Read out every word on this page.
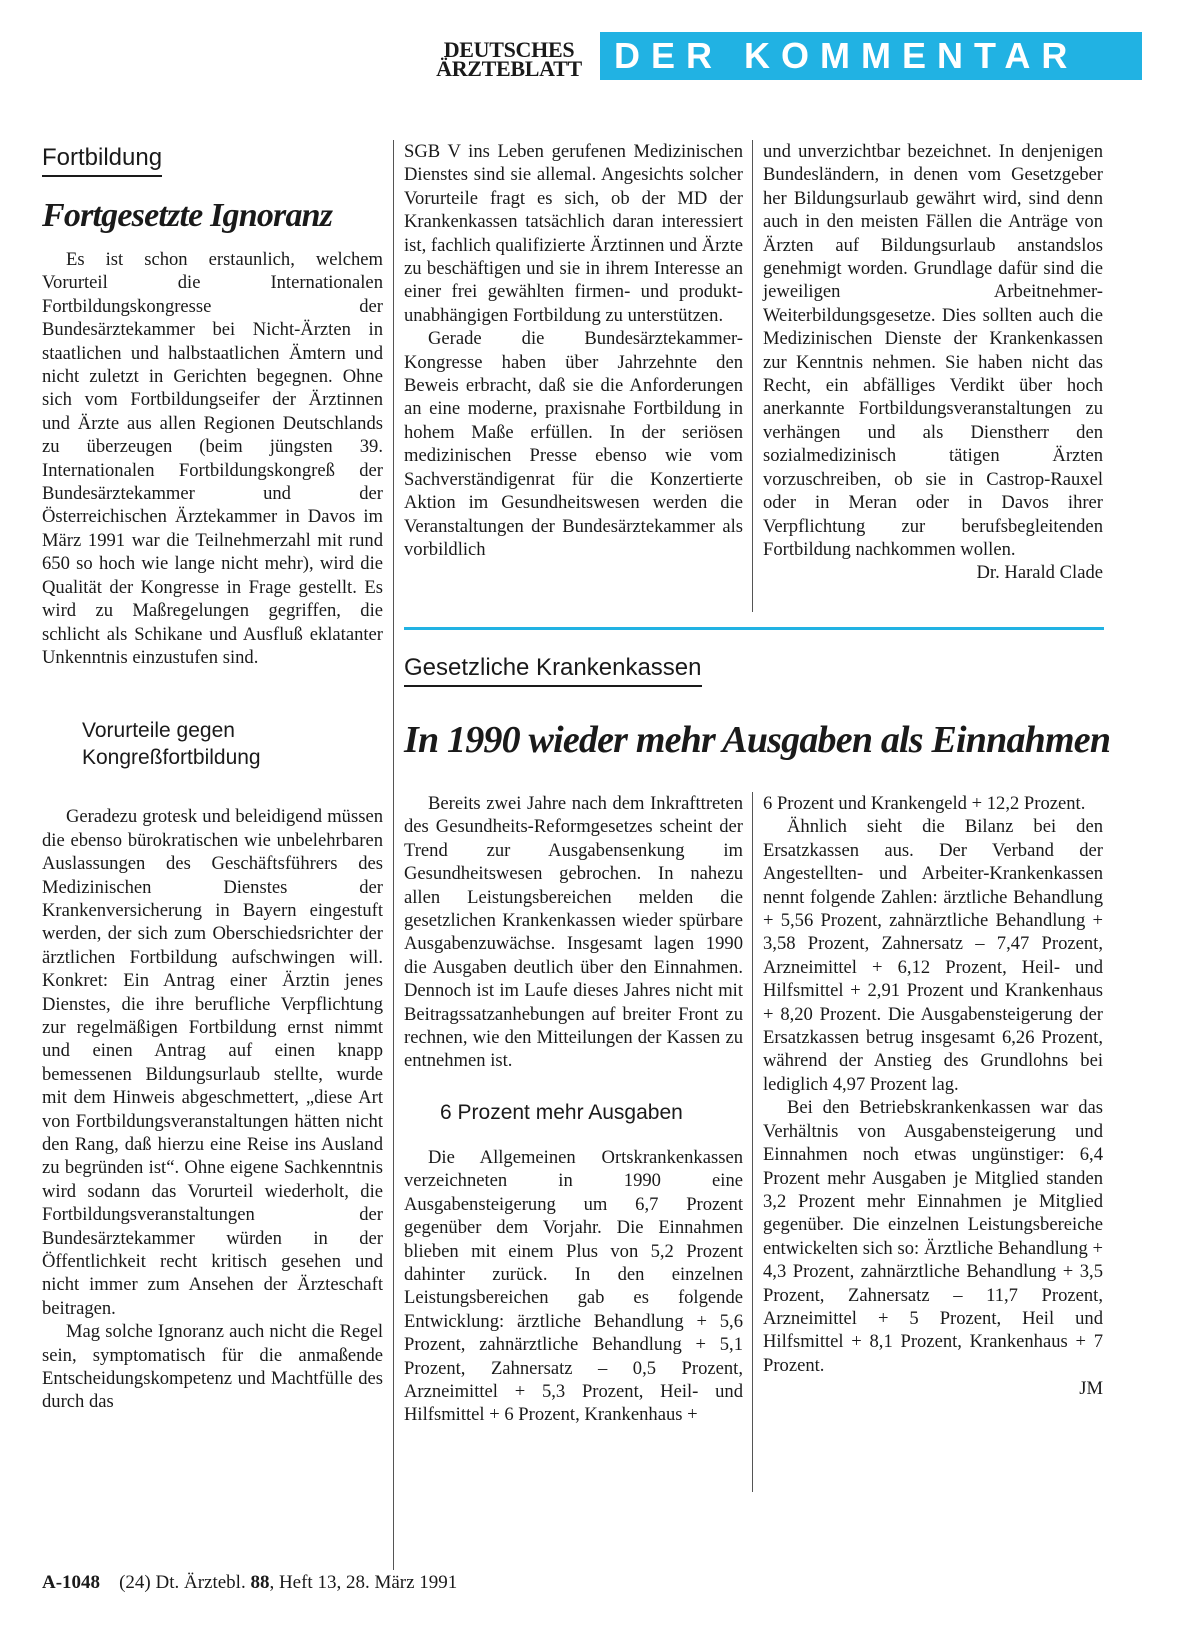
DEUTSCHES
ÄRZTEBLATT DER KOMMENTAR
Fortbildung
Fortgesetzte Ignoranz

Es ist schon erstaunlich, welchem Vorurteil die Internationalen Fortbildungskongresse der Bundesärztekammer bei Nicht-Ärzten in staatlichen und halbstaatlichen Ämtern und nicht zuletzt in Gerichten begegnen. Ohne sich vom Fortbildungseifer der Ärztinnen und Ärzte aus allen Regionen Deutschlands zu überzeugen (beim jüngsten 39. Internationalen Fortbildungskongreß der Bundesärztekammer und der Österreichischen Ärztekammer in Davos im März 1991 war die Teilnehmerzahl mit rund 650 so hoch wie lange nicht mehr), wird die Qualität der Kongresse in Frage gestellt. Es wird zu Maßregelungen gegriffen, die schlicht als Schikane und Ausfluß eklatanter Unkenntnis einzustufen sind.

Vorurteile gegen
Kongreßfortbildung

Geradezu grotesk und beleidigend müssen die ebenso bürokratischen wie unbelehrbaren Auslassungen des Geschäftsführers des Medizinischen Dienstes der Krankenversicherung in Bayern eingestuft werden, der sich zum Oberschiedsrichter der ärztlichen Fortbildung aufschwingen will. Konkret: Ein Antrag einer Ärztin jenes Dienstes, die ihre berufliche Verpflichtung zur regelmäßigen Fortbildung ernst nimmt und einen Antrag auf einen knapp bemessenen Bildungsurlaub stellte, wurde mit dem Hinweis abgeschmettert, „diese Art von Fortbildungsveranstaltungen hätten nicht den Rang, daß hierzu eine Reise ins Ausland zu begründen ist“. Ohne eigene Sachkenntnis wird sodann das Vorurteil wiederholt, die Fortbildungsveranstaltungen der Bundesärztekammer würden in der Öffentlichkeit recht kritisch gesehen und nicht immer zum Ansehen der Ärzteschaft beitragen.

Mag solche Ignoranz auch nicht die Regel sein, symptomatisch für die anmaßende Entscheidungskompetenz und Machtfülle des durch das

SGB V ins Leben gerufenen Medizinischen Dienstes sind sie allemal. Angesichts solcher Vorurteile fragt es sich, ob der MD der Krankenkassen tatsächlich daran interessiert ist, fachlich qualifizierte Ärztinnen und Ärzte zu beschäftigen und sie in ihrem Interesse an einer frei gewählten firmen- und produkt-unabhängigen Fortbildung zu unterstützen.

Gerade die Bundesärztekammer-Kongresse haben über Jahrzehnte den Beweis erbracht, daß sie die Anforderungen an eine moderne, praxisnahe Fortbildung in hohem Maße erfüllen. In der seriösen medizinischen Presse ebenso wie vom Sachverständigenrat für die Konzertierte Aktion im Gesundheitswesen werden die Veranstaltungen der Bundesärztekammer als vorbildlich

und unverzichtbar bezeichnet. In denjenigen Bundesländern, in denen vom Gesetzgeber her Bildungsurlaub gewährt wird, sind denn auch in den meisten Fällen die Anträge von Ärzten auf Bildungsurlaub anstandslos genehmigt worden. Grundlage dafür sind die jeweiligen Arbeitnehmer-Weiterbildungsgesetze. Dies sollten auch die Medizinischen Dienste der Krankenkassen zur Kenntnis nehmen. Sie haben nicht das Recht, ein abfälliges Verdikt über hoch anerkannte Fortbildungsveranstaltungen zu verhängen und als Dienstherr den sozialmedizinisch tätigen Ärzten vorzuschreiben, ob sie in Castrop-Rauxel oder in Meran oder in Davos ihrer Verpflichtung zur berufsbegleitenden Fortbildung nachkommen wollen.

Dr. Harald Clade

Gesetzliche Krankenkassen
In 1990 wieder mehr Ausgaben als Einnahmen

Bereits zwei Jahre nach dem Inkrafttreten des Gesundheits-Reformgesetzes scheint der Trend zur Ausgabensenkung im Gesundheitswesen gebrochen. In nahezu allen Leistungsbereichen melden die gesetzlichen Krankenkassen wieder spürbare Ausgabenzuwächse. Insgesamt lagen 1990 die Ausgaben deutlich über den Einnahmen. Dennoch ist im Laufe dieses Jahres nicht mit Beitragssatzanhebungen auf breiter Front zu rechnen, wie den Mitteilungen der Kassen zu entnehmen ist.

6 Prozent mehr Ausgaben

Die Allgemeinen Ortskrankenkassen verzeichneten in 1990 eine Ausgabensteigerung um 6,7 Prozent gegenüber dem Vorjahr. Die Einnahmen blieben mit einem Plus von 5,2 Prozent dahinter zurück. In den einzelnen Leistungsbereichen gab es folgende Entwicklung: ärztliche Behandlung + 5,6 Prozent, zahnärztliche Behandlung + 5,1 Prozent, Zahnersatz – 0,5 Prozent, Arzneimittel + 5,3 Prozent, Heil- und Hilfsmittel + 6 Prozent, Krankenhaus +

6 Prozent und Krankengeld + 12,2 Prozent.

Ähnlich sieht die Bilanz bei den Ersatzkassen aus. Der Verband der Angestellten- und Arbeiter-Krankenkassen nennt folgende Zahlen: ärztliche Behandlung + 5,56 Prozent, zahnärztliche Behandlung + 3,58 Prozent, Zahnersatz – 7,47 Prozent, Arzneimittel + 6,12 Prozent, Heil- und Hilfsmittel + 2,91 Prozent und Krankenhaus + 8,20 Prozent. Die Ausgabensteigerung der Ersatzkassen betrug insgesamt 6,26 Prozent, während der Anstieg des Grundlohns bei lediglich 4,97 Prozent lag.

Bei den Betriebskrankenkassen war das Verhältnis von Ausgabensteigerung und Einnahmen noch etwas ungünstiger: 6,4 Prozent mehr Ausgaben je Mitglied standen 3,2 Prozent mehr Einnahmen je Mitglied gegenüber. Die einzelnen Leistungsbereiche entwickelten sich so: Ärztliche Behandlung + 4,3 Prozent, zahnärztliche Behandlung + 3,5 Prozent, Zahnersatz – 11,7 Prozent, Arzneimittel + 5 Prozent, Heil und Hilfsmittel + 8,1 Prozent, Krankenhaus + 7 Prozent.

JM

A-1048 (24) Dt. Ärztebl. 88, Heft 13, 28. März 1991
